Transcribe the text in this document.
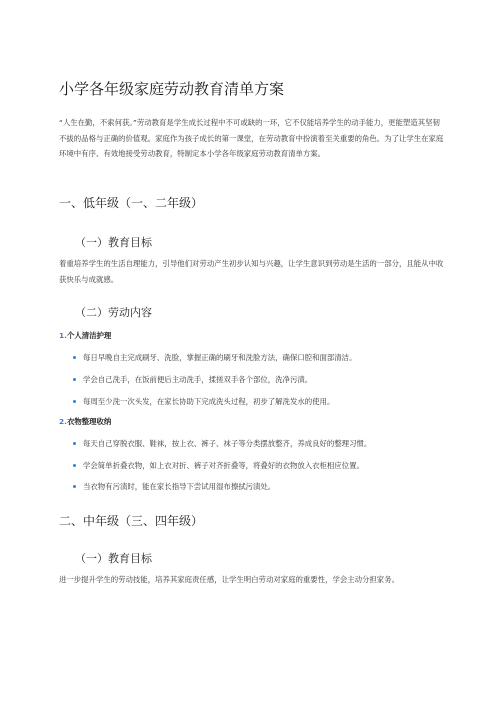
小学各年级家庭劳动教育清单方案

“人生在勤，不索何获。”劳动教育是学生成长过程中不可或缺的一环，它不仅能培养学生的动手能力，更能塑造其坚韧不拔的品格与正确的价值观。家庭作为孩子成长的第一课堂，在劳动教育中扮演着至关重要的角色。为了让学生在家庭环境中有序、有效地接受劳动教育，特制定本小学各年级家庭劳动教育清单方案。

一、低年级（一、二年级）
（一）教育目标

着重培养学生的生活自理能力，引导他们对劳动产生初步认知与兴趣，让学生意识到劳动是生活的一部分，且能从中收获快乐与成就感。

（二）劳动内容
1.个人清洁护理
每日早晚自主完成刷牙、洗脸，掌握正确的刷牙和洗脸方法，确保口腔和面部清洁。
学会自己洗手，在饭前便后主动洗手，揉搓双手各个部位，洗净污渍。
每周至少洗一次头发，在家长协助下完成洗头过程，初步了解洗发水的使用。
2.衣物整理收纳
每天自己穿脱衣服、鞋袜，按上衣、裤子、袜子等分类摆放整齐，养成良好的整理习惯。
学会简单折叠衣物，如上衣对折、裤子对齐折叠等，将叠好的衣物放入衣柜相应位置。
当衣物有污渍时，能在家长指导下尝试用湿布擦拭污渍处。
二、中年级（三、四年级）
（一）教育目标

进一步提升学生的劳动技能，培养其家庭责任感，让学生明白劳动对家庭的重要性，学会主动分担家务。
